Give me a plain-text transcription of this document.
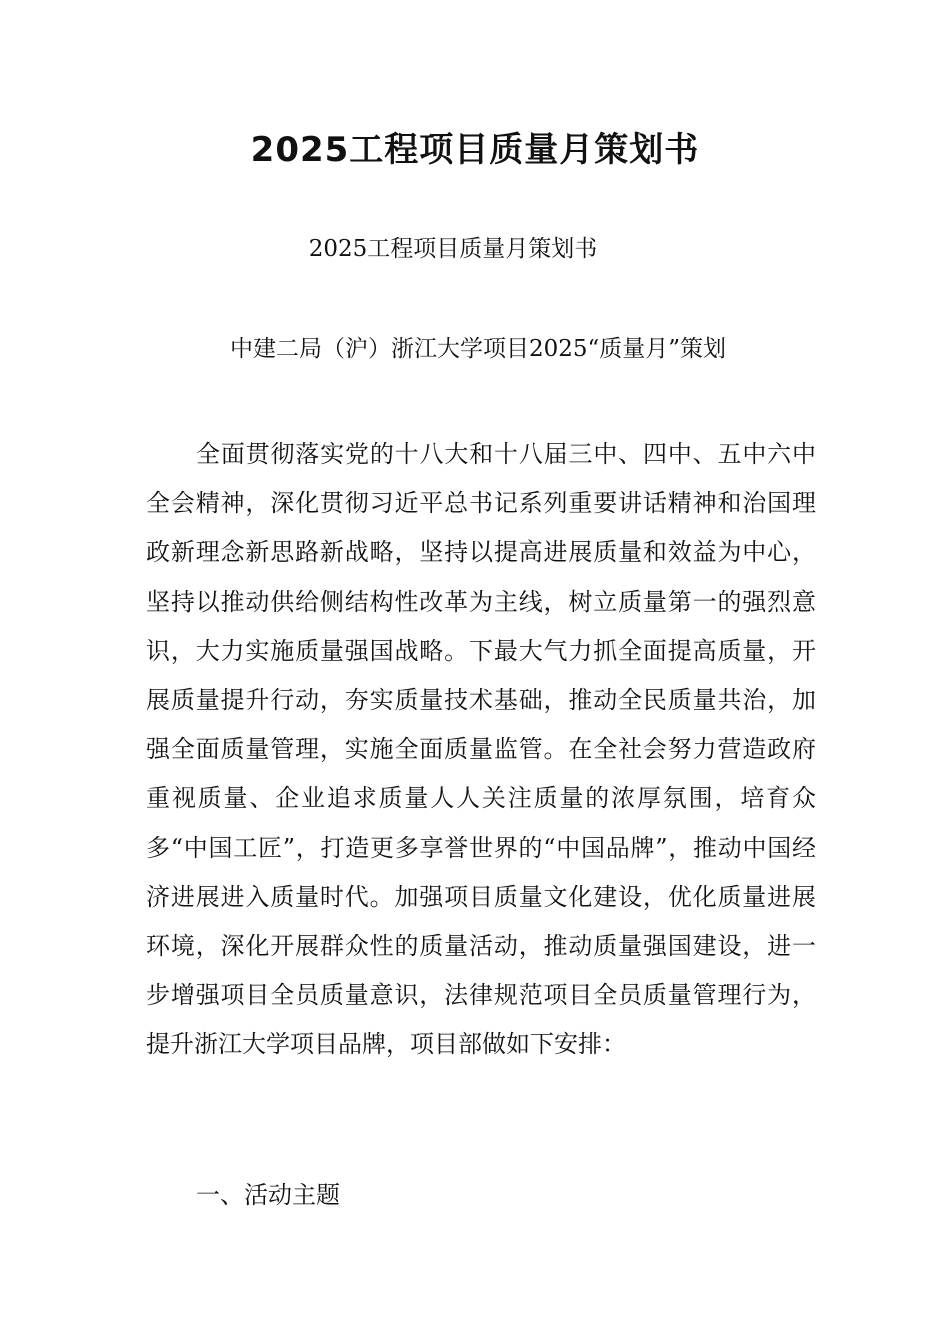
2025工程项目质量月策划书
2025工程项目质量月策划书
中建二局（沪）浙江大学项目2025“质量月”策划
全面贯彻落实党的十八大和十八届三中、四中、五中六中全会精神，深化贯彻习近平总书记系列重要讲话精神和治国理政新理念新思路新战略，坚持以提高进展质量和效益为中心，坚持以推动供给侧结构性改革为主线，树立质量第一的强烈意识，大力实施质量强国战略。下最大气力抓全面提高质量，开展质量提升行动，夯实质量技术基础，推动全民质量共治，加强全面质量管理，实施全面质量监管。在全社会努力营造政府重视质量、企业追求质量人人关注质量的浓厚氛围，培育众多“中国工匠”，打造更多享誉世界的“中国品牌”，推动中国经济进展进入质量时代。加强项目质量文化建设，优化质量进展环境，深化开展群众性的质量活动，推动质量强国建设，进一步增强项目全员质量意识，法律规范项目全员质量管理行为，提升浙江大学项目品牌，项目部做如下安排：
一、活动主题
